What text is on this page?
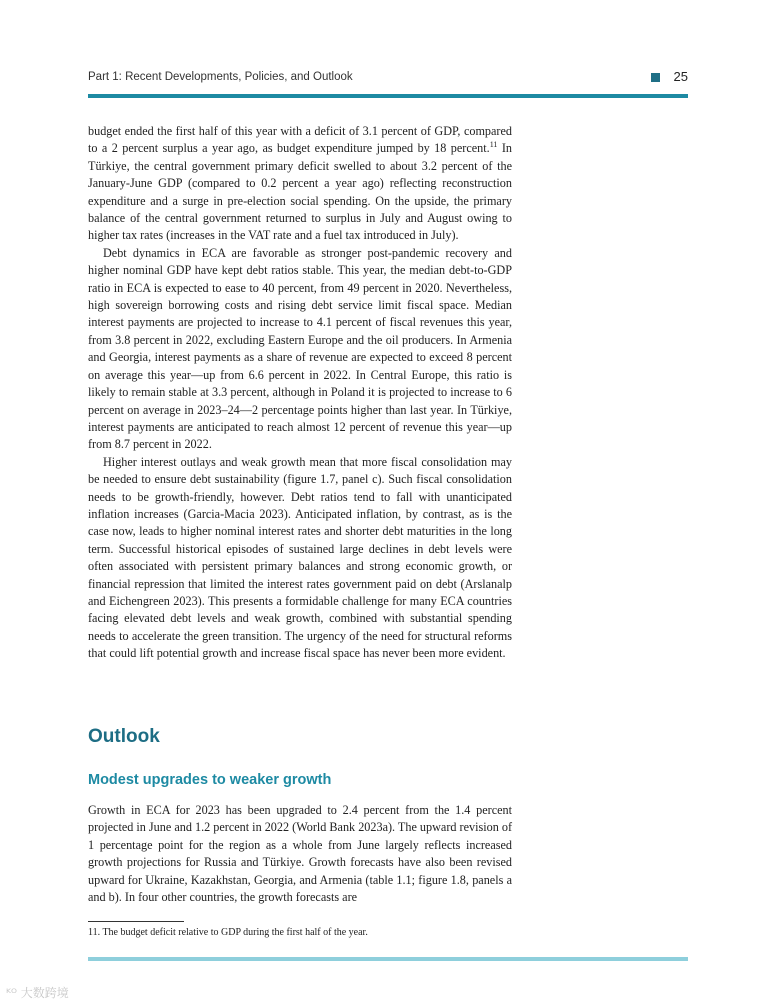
Part 1: Recent Developments, Policies, and Outlook	25

budget ended the first half of this year with a deficit of 3.1 percent of GDP, compared to a 2 percent surplus a year ago, as budget expenditure jumped by 18 percent.$^{11}$ In Türkiye, the central government primary deficit swelled to about 3.2 percent of the January-June GDP (compared to 0.2 percent a year ago) reflecting reconstruction expenditure and a surge in pre-election social spending. On the upside, the primary balance of the central government returned to surplus in July and August owing to higher tax rates (increases in the VAT rate and a fuel tax introduced in July).

Debt dynamics in ECA are favorable as stronger post-pandemic recovery and higher nominal GDP have kept debt ratios stable. This year, the median debt-to-GDP ratio in ECA is expected to ease to 40 percent, from 49 percent in 2020. Nevertheless, high sovereign borrowing costs and rising debt service limit fiscal space. Median interest payments are projected to increase to 4.1 percent of fiscal revenues this year, from 3.8 percent in 2022, excluding Eastern Europe and the oil producers. In Armenia and Georgia, interest payments as a share of revenue are expected to exceed 8 percent on average this year—up from 6.6 percent in 2022. In Central Europe, this ratio is likely to remain stable at 3.3 percent, although in Poland it is projected to increase to 6 percent on average in 2023–24—2 percentage points higher than last year. In Türkiye, interest payments are anticipated to reach almost 12 percent of revenue this year—up from 8.7 percent in 2022.

Higher interest outlays and weak growth mean that more fiscal consolidation may be needed to ensure debt sustainability (figure 1.7, panel c). Such fiscal consolidation needs to be growth-friendly, however. Debt ratios tend to fall with unanticipated inflation increases (Garcia-Macia 2023). Anticipated inflation, by contrast, as is the case now, leads to higher nominal interest rates and shorter debt maturities in the long term. Successful historical episodes of sustained large declines in debt levels were often associated with persistent primary balances and strong economic growth, or financial repression that limited the interest rates government paid on debt (Arslanalp and Eichengreen 2023). This presents a formidable challenge for many ECA countries facing elevated debt levels and weak growth, combined with substantial spending needs to accelerate the green transition. The urgency of the need for structural reforms that could lift potential growth and increase fiscal space has never been more evident.

Outlook
Modest upgrades to weaker growth

Growth in ECA for 2023 has been upgraded to 2.4 percent from the 1.4 percent projected in June and 1.2 percent in 2022 (World Bank 2023a). The upward revision of 1 percentage point for the region as a whole from June largely reflects increased growth projections for Russia and Türkiye. Growth forecasts have also been revised upward for Ukraine, Kazakhstan, Georgia, and Armenia (table 1.1; figure 1.8, panels a and b). In four other countries, the growth forecasts are

11. The budget deficit relative to GDP during the first half of the year.

ᴷᴼ 大数跨境
